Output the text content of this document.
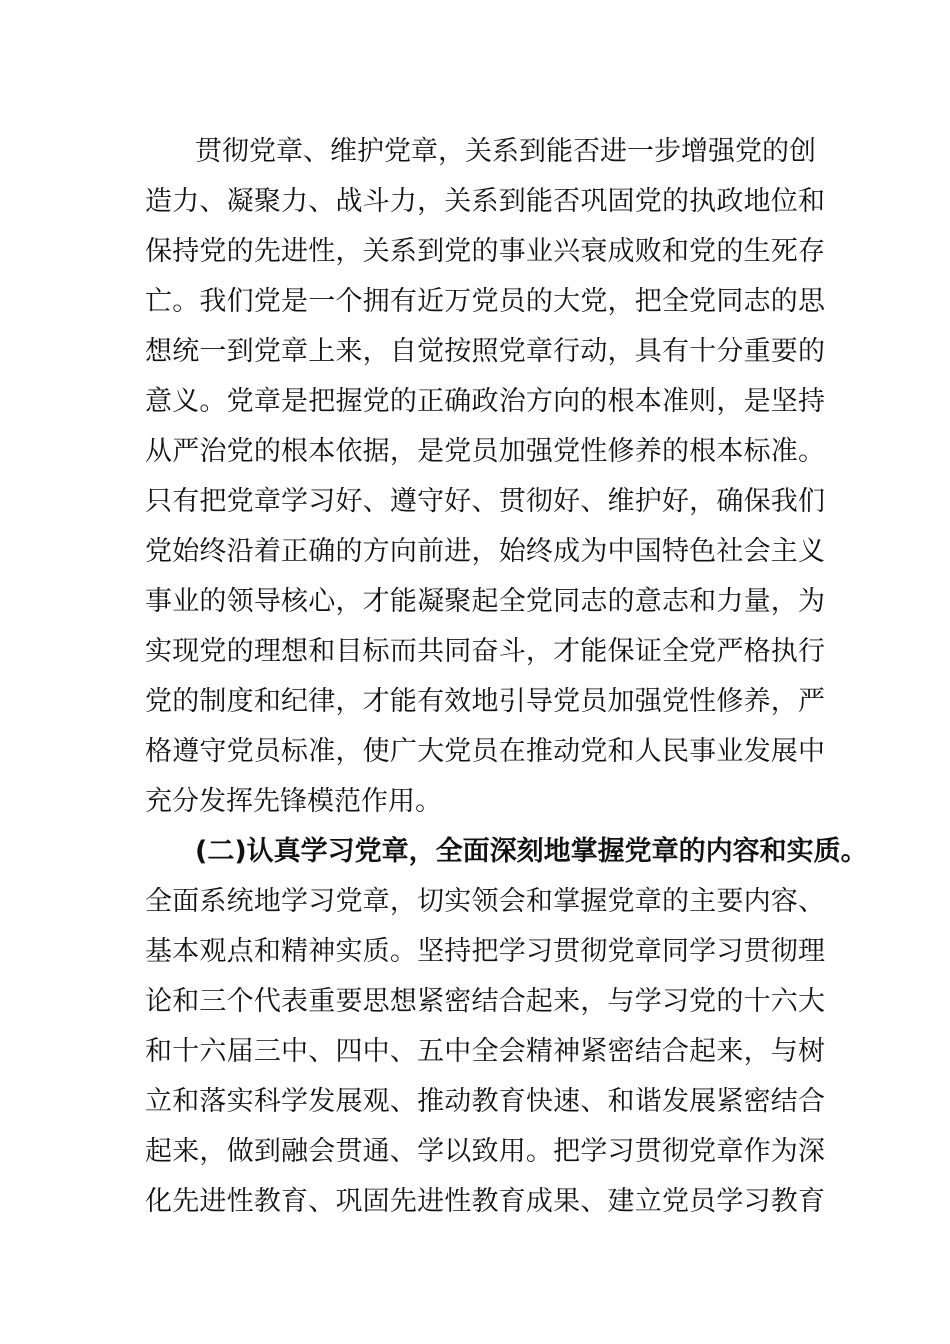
贯彻党章、维护党章，关系到能否进一步增强党的创
造力、凝聚力、战斗力，关系到能否巩固党的执政地位和
保持党的先进性，关系到党的事业兴衰成败和党的生死存
亡。我们党是一个拥有近万党员的大党，把全党同志的思
想统一到党章上来，自觉按照党章行动，具有十分重要的
意义。党章是把握党的正确政治方向的根本准则，是坚持
从严治党的根本依据，是党员加强党性修养的根本标准。
只有把党章学习好、遵守好、贯彻好、维护好，确保我们
党始终沿着正确的方向前进，始终成为中国特色社会主义
事业的领导核心，才能凝聚起全党同志的意志和力量，为
实现党的理想和目标而共同奋斗，才能保证全党严格执行
党的制度和纪律，才能有效地引导党员加强党性修养，严
格遵守党员标准，使广大党员在推动党和人民事业发展中
充分发挥先锋模范作用。
(二)认真学习党章，全面深刻地掌握党章的内容和实质。
全面系统地学习党章，切实领会和掌握党章的主要内容、
基本观点和精神实质。坚持把学习贯彻党章同学习贯彻理
论和三个代表重要思想紧密结合起来，与学习党的十六大
和十六届三中、四中、五中全会精神紧密结合起来，与树
立和落实科学发展观、推动教育快速、和谐发展紧密结合
起来，做到融会贯通、学以致用。把学习贯彻党章作为深
化先进性教育、巩固先进性教育成果、建立党员学习教育
